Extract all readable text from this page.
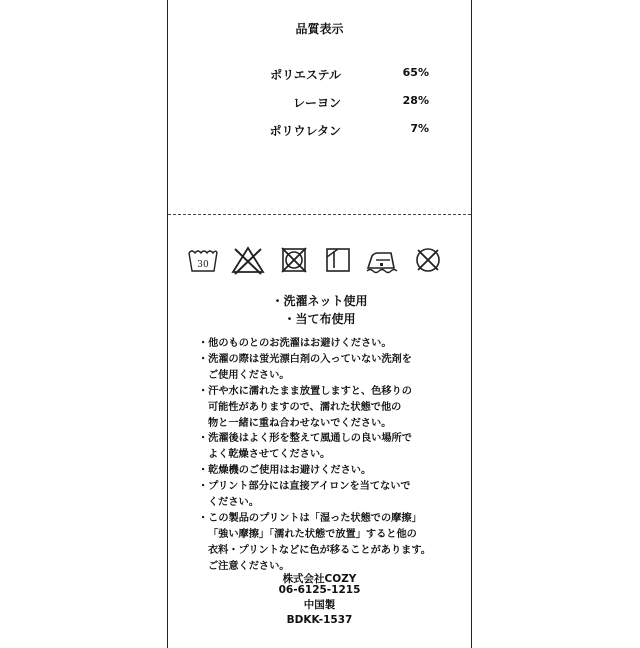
品質表示
ポリエステル	65%
レーヨン	28%
ポリウレタン	7%
30
・洗濯ネット使用
・当て布使用
・他のものとのお洗濯はお避けください。
・洗濯の際は蛍光漂白剤の入っていない洗剤を
ご使用ください。
・汗や水に濡れたまま放置しますと、色移りの
可能性がありますので、濡れた状態で他の
物と一緒に重ね合わせないでください。
・洗濯後はよく形を整えて風通しの良い場所で
よく乾燥させてください。
・乾燥機のご使用はお避けください。
・プリント部分には直接アイロンを当てないで
ください。
・この製品のプリントは「湿った状態での摩擦」
「強い摩擦」「濡れた状態で放置」すると他の
衣料・プリントなどに色が移ることがあります。
ご注意ください。
株式会社COZY
06-6125-1215
中国製
BDKK-1537
